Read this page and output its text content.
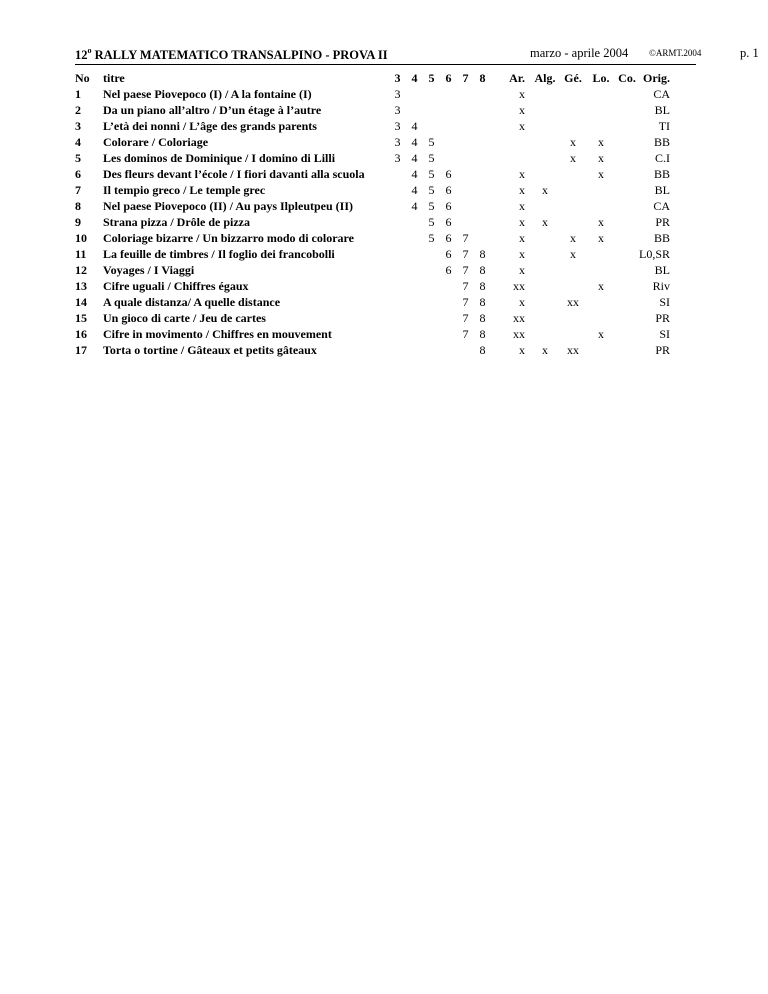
12$^o$ RALLY MATEMATICO TRANSALPINO - PROVA II	marzo - aprile 2004 ©ARMT.2004	p. 1
No	titre	3	4	5	6	7	8	Ar.	Alg.	Gé.	Lo.	Co.	Orig.
1	Nel paese Piovepoco (I) / A la fontaine (I)	3						x					CA
2	Da un piano all’altro / D’un étage à l’autre	3						x					BL
3	L’età dei nonni / L’âge des grands parents	3	4					x					TI
4	Colorare / Coloriage	3	4	5						x	x		BB
5	Les dominos de Dominique / I domino di Lilli	3	4	5						x	x		C.I
6	Des fleurs devant l’école / I fiori davanti alla scuola		4	5	6			x			x		BB
7	Il tempio greco / Le temple grec		4	5	6			x	x				BL
8	Nel paese Piovepoco (II) / Au pays Ilpleutpeu (II)		4	5	6			x					CA
9	Strana pizza / Drôle de pizza			5	6			x	x		x		PR
10	Coloriage bizarre / Un bizzarro modo di colorare			5	6	7		x		x	x		BB
11	La feuille de timbres / Il foglio dei francobolli				6	7	8	x		x			L0,SR
12	Voyages / I Viaggi				6	7	8	x					BL
13	Cifre uguali / Chiffres égaux					7	8	xx			x		Riv
14	A quale distanza/ A quelle distance					7	8	x		xx			SI
15	Un gioco di carte / Jeu de cartes					7	8	xx					PR
16	Cifre in movimento / Chiffres en mouvement					7	8	xx			x		SI
17	Torta o tortine / Gâteaux et petits gâteaux						8	x	x	xx			PR
